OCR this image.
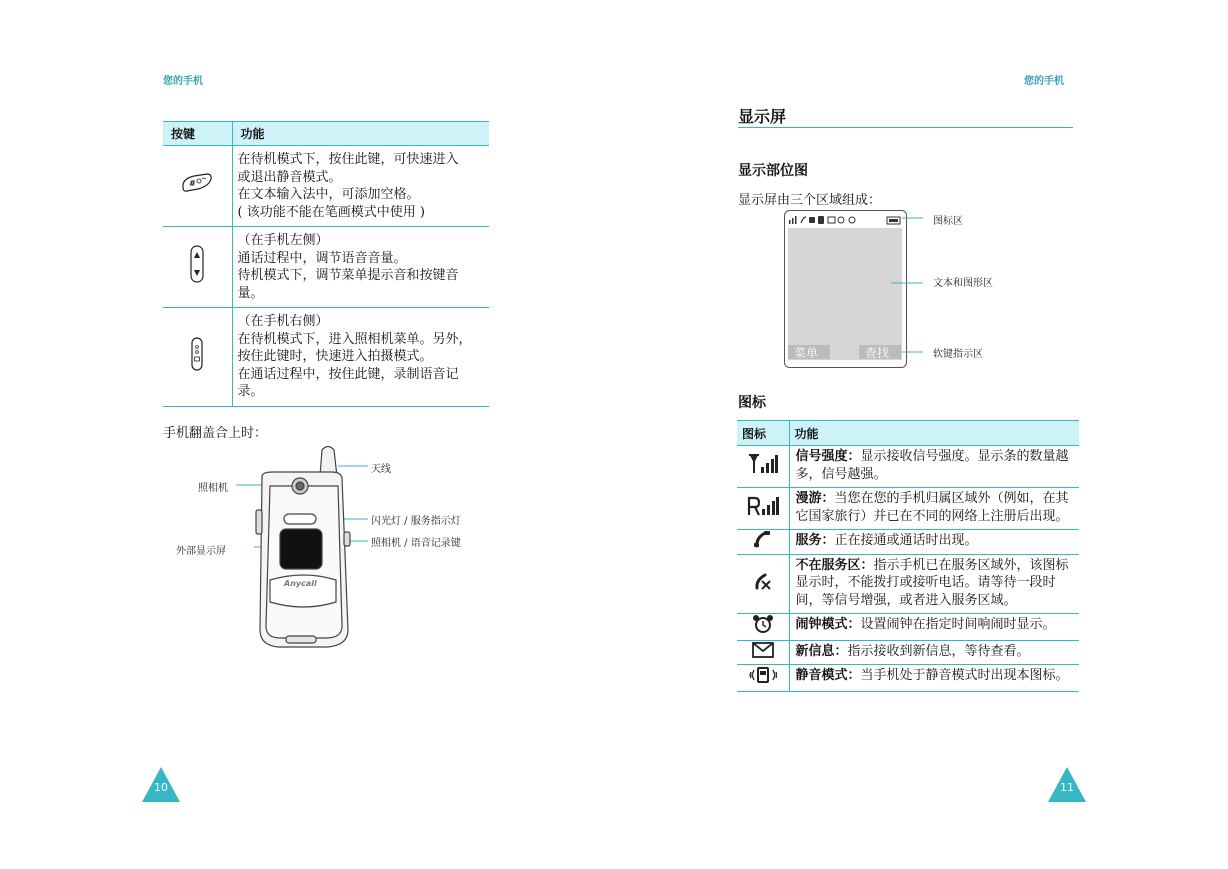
您的手机
按键	功能

#	在待机模式下，按住此键，可快速进入
或退出静音模式。
在文本输入法中，可添加空格。
( 该功能不能在笔画模式中使用 )

（在手机左侧）
通话过程中，调节语音音量。
待机模式下，调节菜单提示音和按键音
量。

（在手机右侧）
在待机模式下，进入照相机菜单。另外，
按住此键时，快速进入拍摄模式。
在通话过程中，按住此键，录制语音记
录。
手机翻盖合上时：
Anycall
天线
照相机
闪光灯 / 服务指示灯
外部显示屏
照相机 / 语音记录键
10
您的手机
显示屏
显示部位图
显示屏由三个区域组成：
菜单	查找
图标区
文本和图形区
软键指示区
图标
图标	功能
	信号强度：显示接收信号强度。显示条的数量越多，信号越强。
	漫游：当您在您的手机归属区域外（例如，在其它国家旅行）并已在不同的网络上注册后出现。
	服务：正在接通或通话时出现。
	不在服务区：指示手机已在服务区域外，该图标显示时，不能拨打或接听电话。请等待一段时间，等信号增强，或者进入服务区域。
	闹钟模式：设置闹钟在指定时间响闹时显示。
	新信息：指示接收到新信息，等待查看。
	静音模式：当手机处于静音模式时出现本图标。
11
